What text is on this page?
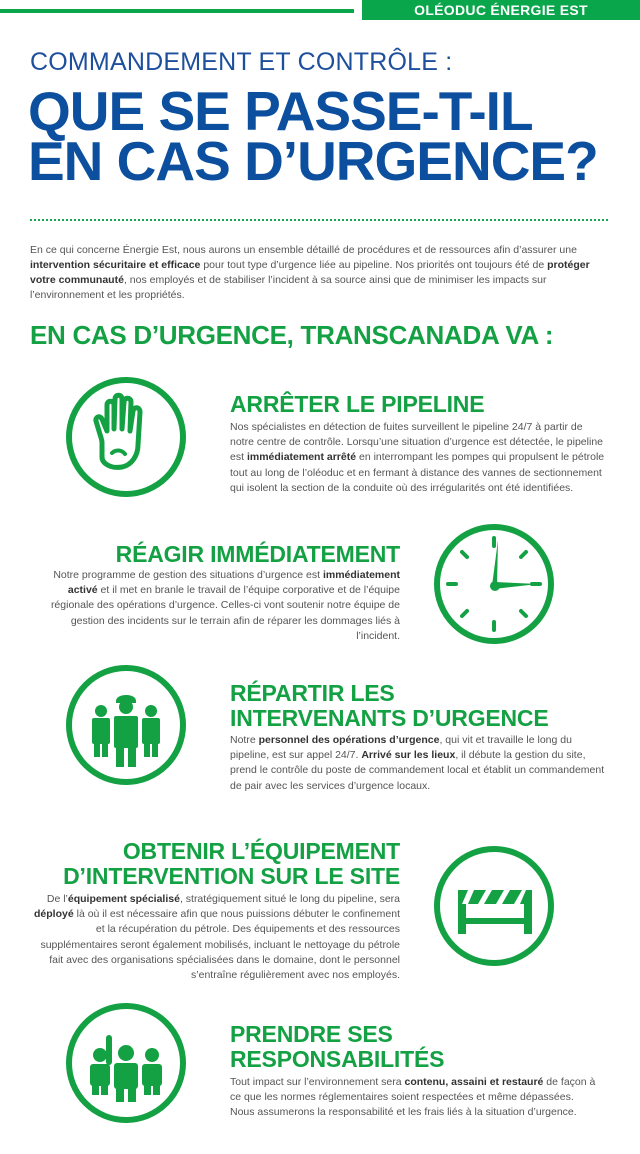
OLÉODUC ÉNERGIE EST
COMMANDEMENT ET CONTRÔLE :
QUE SE PASSE-T-IL
EN CAS D’URGENCE?
En ce qui concerne Énergie Est, nous aurons un ensemble détaillé de procédures et de ressources afin d’assurer une intervention sécuritaire et efficace pour tout type d’urgence liée au pipeline. Nos priorités ont toujours été de protéger votre communauté, nos employés et de stabiliser l’incident à sa source ainsi que de minimiser les impacts sur l’environnement et les propriétés.
EN CAS D’URGENCE, TRANSCANADA VA :
ARRÊTER LE PIPELINE
Nos spécialistes en détection de fuites surveillent le pipeline 24/7 à partir de notre centre de contrôle. Lorsqu’une situation d’urgence est détectée, le pipeline est immédiatement arrêté en interrompant les pompes qui propulsent le pétrole tout au long de l’oléoduc et en fermant à distance des vannes de sectionnement qui isolent la section de la conduite où des irrégularités ont été identifiées.
RÉAGIR IMMÉDIATEMENT
Notre programme de gestion des situations d’urgence est immédiatement activé et il met en branle le travail de l’équipe corporative et de l’équipe régionale des opérations d’urgence. Celles-ci vont soutenir notre équipe de gestion des incidents sur le terrain afin de réparer les dommages liés à l’incident.
RÉPARTIR LES
INTERVENANTS D’URGENCE
Notre personnel des opérations d’urgence, qui vit et travaille le long du pipeline, est sur appel 24/7. Arrivé sur les lieux, il débute la gestion du site, prend le contrôle du poste de commandement local et établit un commandement de pair avec les services d’urgence locaux.
OBTENIR L’ÉQUIPEMENT
D’INTERVENTION SUR LE SITE
De l’équipement spécialisé, stratégiquement situé le long du pipeline, sera déployé là où il est nécessaire afin que nous puissions débuter le confinement et la récupération du pétrole. Des équipements et des ressources supplémentaires seront également mobilisés, incluant le nettoyage du pétrole fait avec des organisations spécialisées dans le domaine, dont le personnel s’entraîne régulièrement avec nos employés.
PRENDRE SES
RESPONSABILITÉS
Tout impact sur l’environnement sera contenu, assaini et restauré de façon à ce que les normes réglementaires soient respectées et même dépassées. Nous assumerons la responsabilité et les frais liés à la situation d’urgence.
